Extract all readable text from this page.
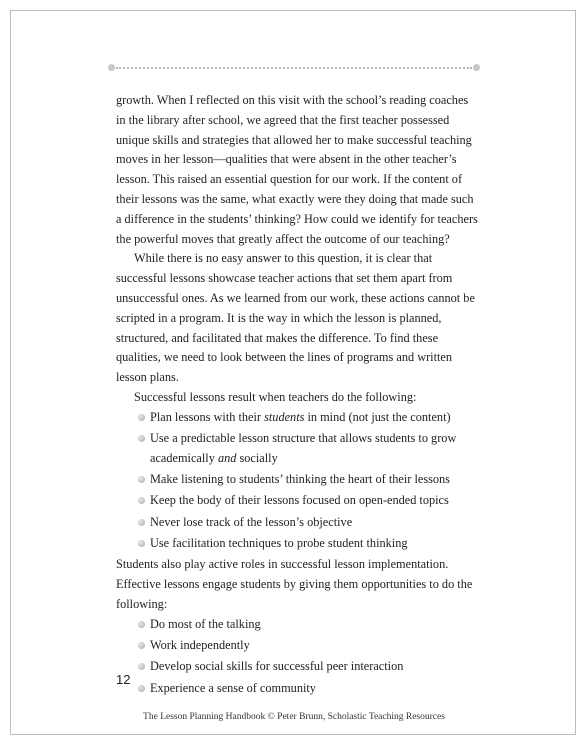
growth. When I reflected on this visit with the school’s reading coaches in the library after school, we agreed that the first teacher possessed unique skills and strategies that allowed her to make successful teaching moves in her lesson—qualities that were absent in the other teacher’s lesson. This raised an essential question for our work. If the content of their lessons was the same, what exactly were they doing that made such a difference in the students’ thinking? How could we identify for teachers the powerful moves that greatly affect the outcome of our teaching?

While there is no easy answer to this question, it is clear that successful lessons showcase teacher actions that set them apart from unsuccessful ones. As we learned from our work, these actions cannot be scripted in a program. It is the way in which the lesson is planned, structured, and facilitated that makes the difference. To find these qualities, we need to look between the lines of programs and written lesson plans.

Successful lessons result when teachers do the following:

Plan lessons with their students in mind (not just the content)
Use a predictable lesson structure that allows students to grow academically and socially
Make listening to students’ thinking the heart of their lessons
Keep the body of their lessons focused on open-ended topics
Never lose track of the lesson’s objective
Use facilitation techniques to probe student thinking

Students also play active roles in successful lesson implementation. Effective lessons engage students by giving them opportunities to do the following:

Do most of the talking
Work independently
Develop social skills for successful peer interaction
Experience a sense of community
12
The Lesson Planning Handbook © Peter Brunn, Scholastic Teaching Resources
